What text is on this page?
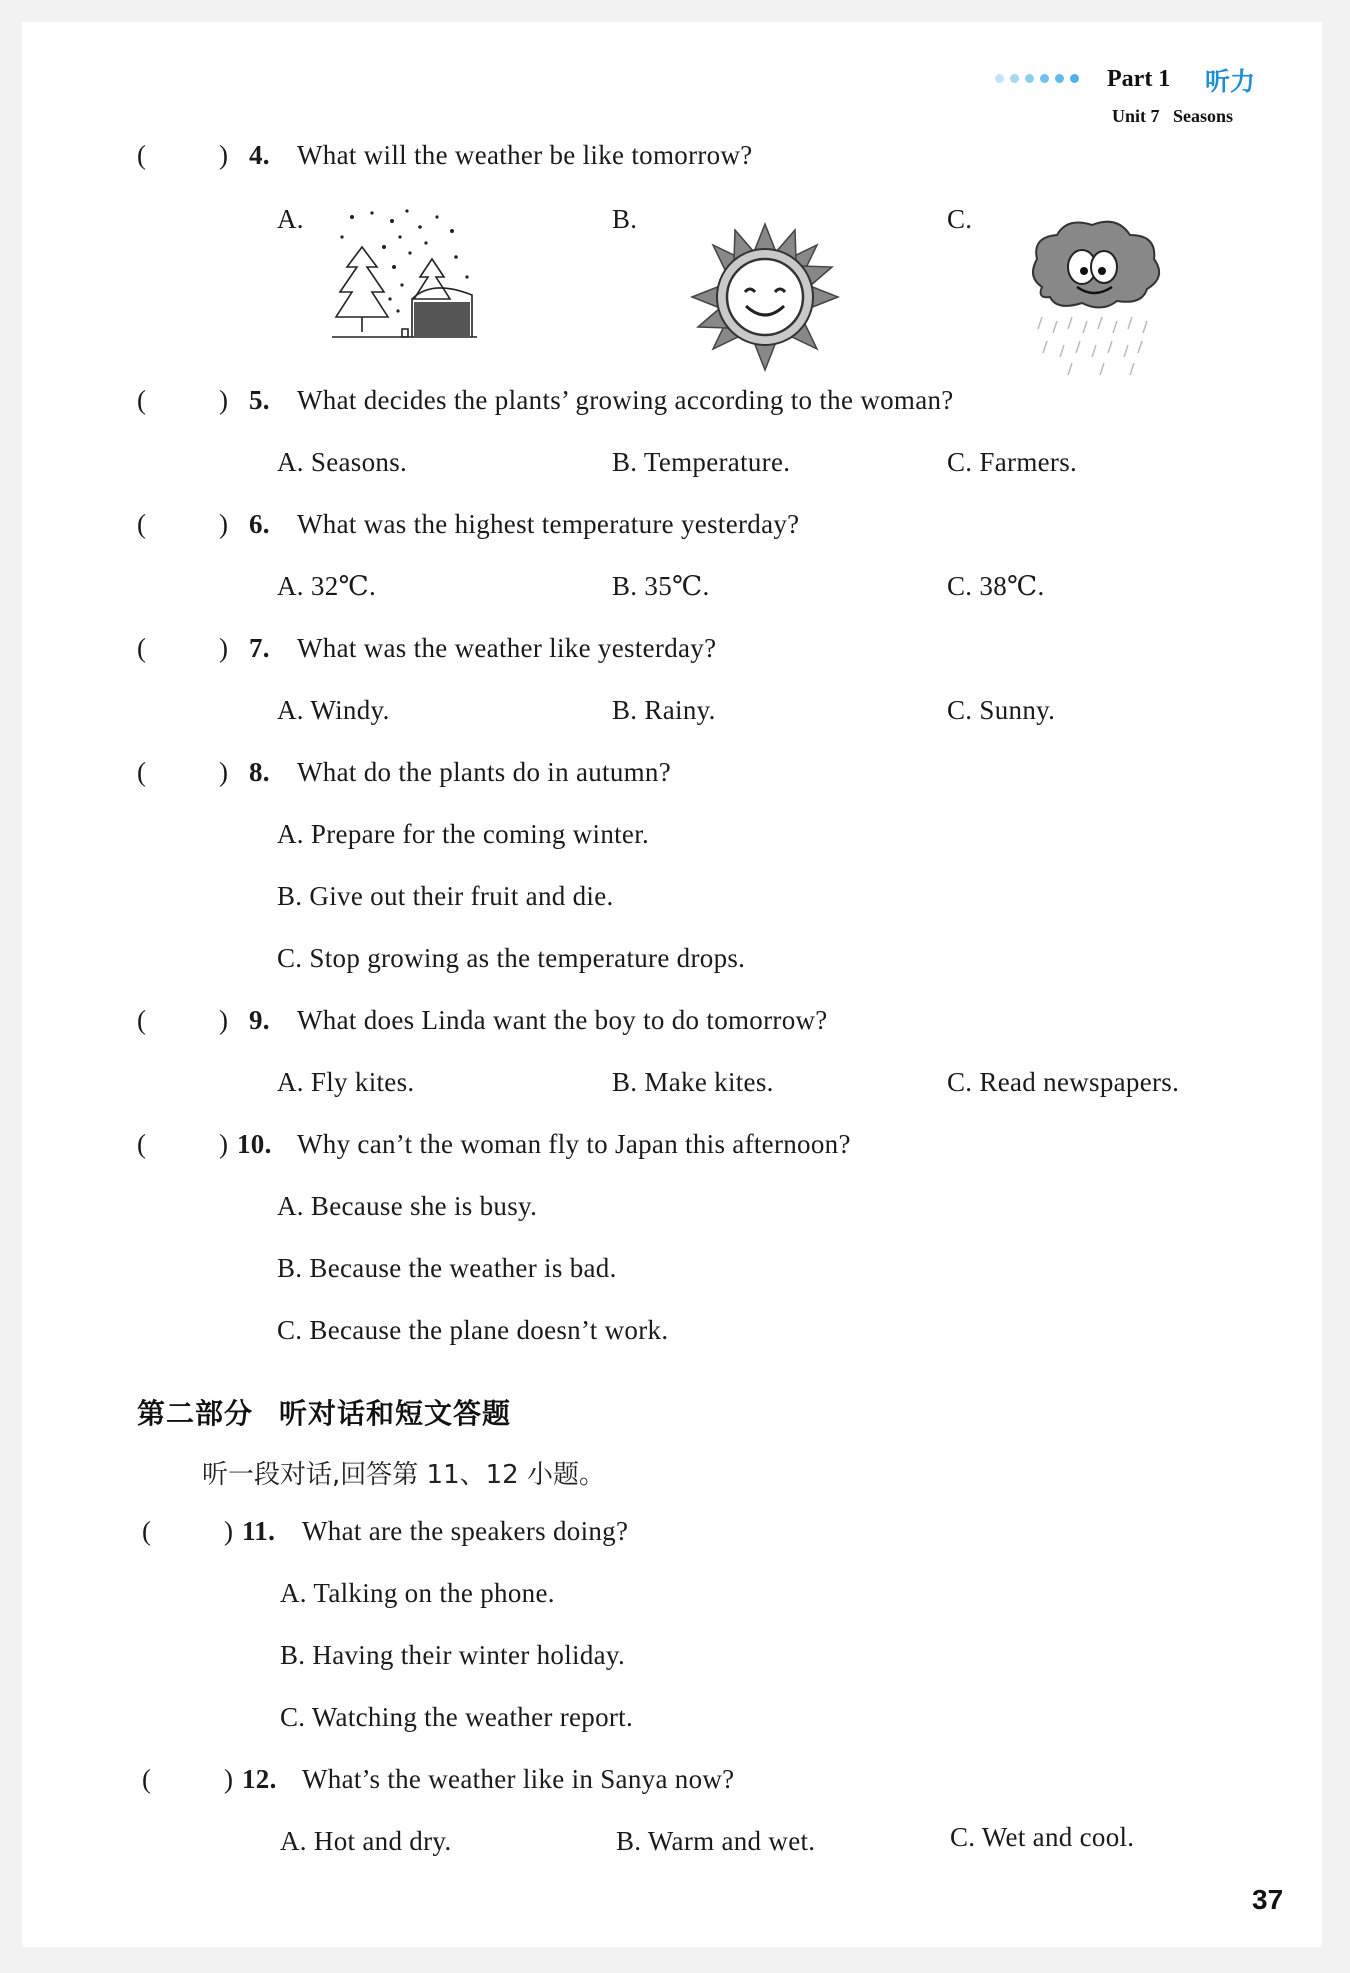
Part 1 听力
Unit 7 Seasons
(	) 4. What will the weather be like tomorrow?
A.	B.	C.
(	) 5. What decides the plants’ growing according to the woman?
A. Seasons.	B. Temperature.	C. Farmers.
(	) 6. What was the highest temperature yesterday?
A. 32℃.	B. 35℃.	C. 38℃.
(	) 7. What was the weather like yesterday?
A. Windy.	B. Rainy.	C. Sunny.
(	) 8. What do the plants do in autumn?
A. Prepare for the coming winter.
B. Give out their fruit and die.
C. Stop growing as the temperature drops.
(	) 9. What does Linda want the boy to do tomorrow?
A. Fly kites.	B. Make kites.	C. Read newspapers.
(	) 10. Why can’t the woman fly to Japan this afternoon?
A. Because she is busy.
B. Because the weather is bad.
C. Because the plane doesn’t work.
第二部分 听对话和短文答题
听一段对话,回答第 11、12 小题。
(	) 11. What are the speakers doing?
A. Talking on the phone.
B. Having their winter holiday.
C. Watching the weather report.
(	) 12. What’s the weather like in Sanya now?
A. Hot and dry.	B. Warm and wet.	C. Wet and cool.
37
